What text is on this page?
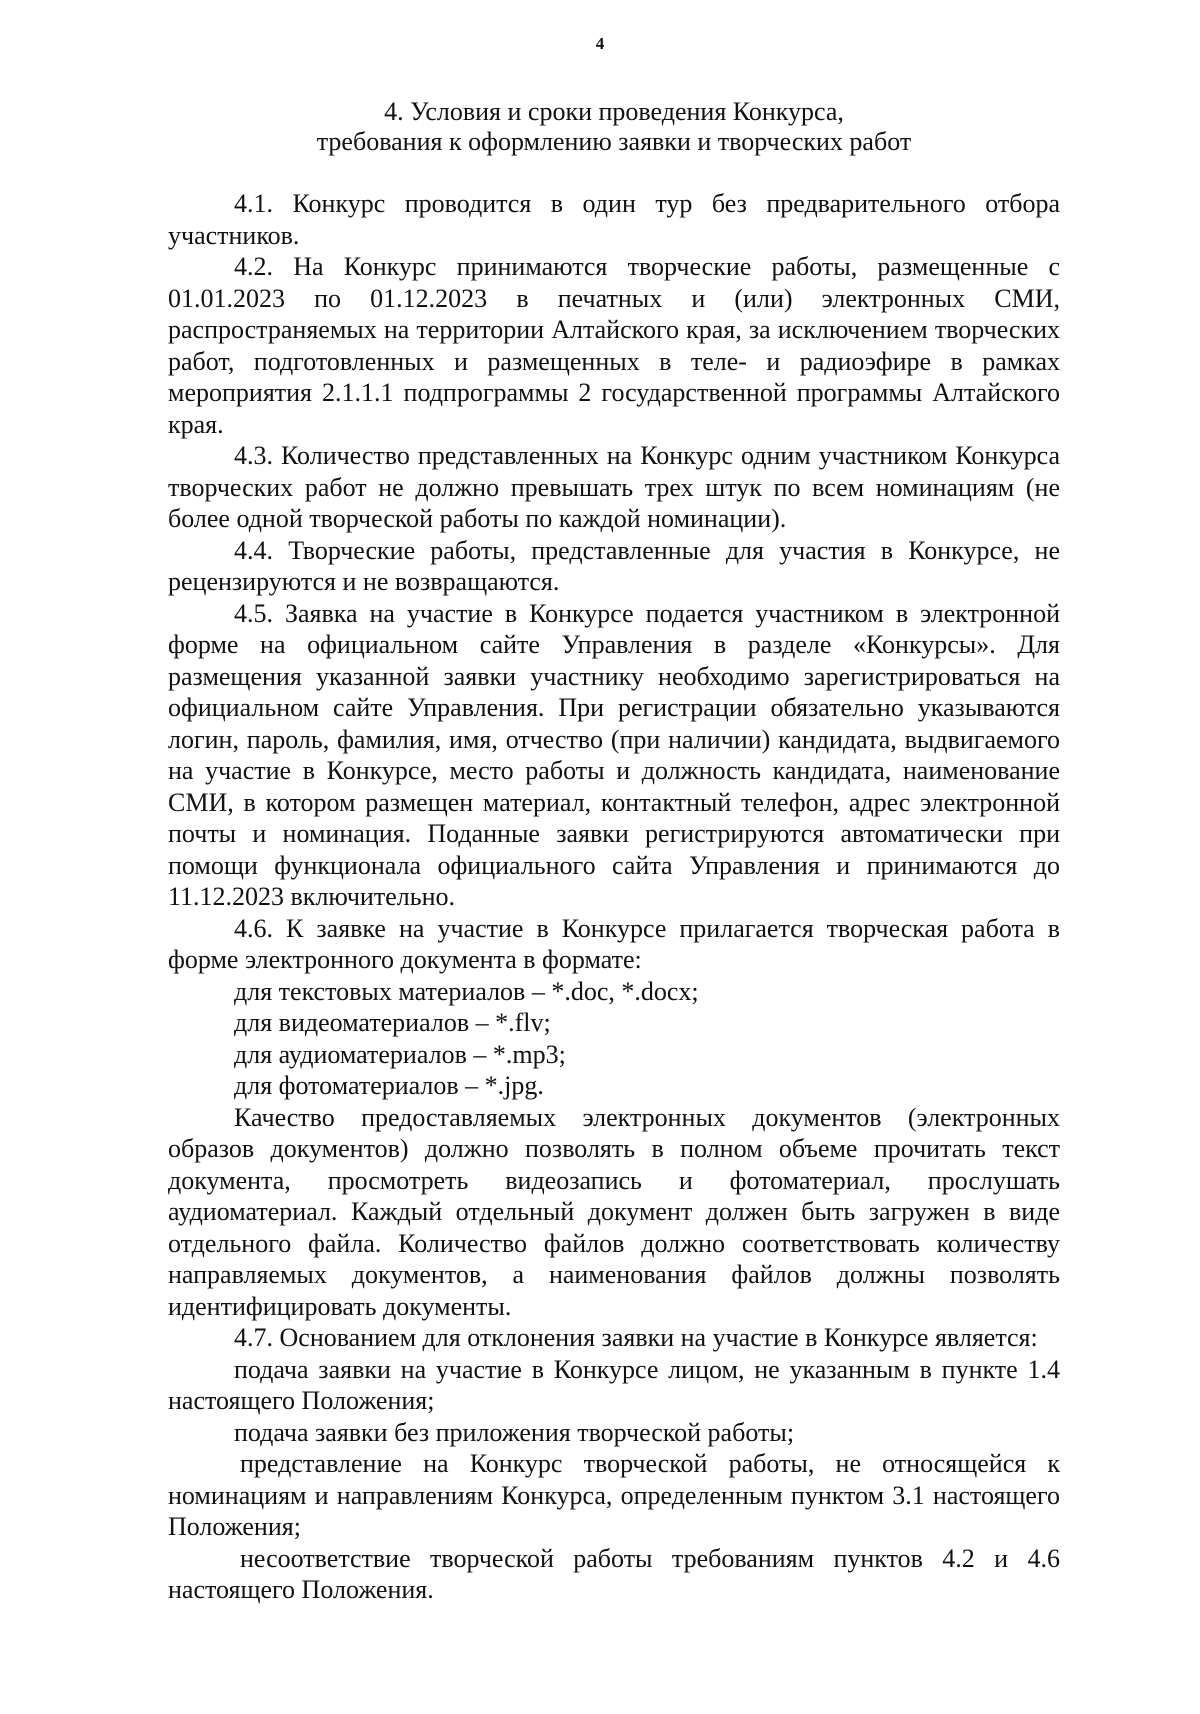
4
4. Условия и сроки проведения Конкурса,
требования к оформлению заявки и творческих работ

4.1. Конкурс проводится в один тур без предварительного отбора участников.

4.2. На Конкурс принимаются творческие работы, размещенные с 01.01.2023 по 01.12.2023 в печатных и (или) электронных СМИ, распространяемых на территории Алтайского края, за исключением творческих работ, подготовленных и размещенных в теле- и радиоэфире в рамках мероприятия 2.1.1.1 подпрограммы 2 государственной программы Алтайского края.

4.3. Количество представленных на Конкурс одним участником Конкурса творческих работ не должно превышать трех штук по всем номинациям (не более одной творческой работы по каждой номинации).

4.4. Творческие работы, представленные для участия в Конкурсе, не рецензируются и не возвращаются.

4.5. Заявка на участие в Конкурсе подается участником в электронной форме на официальном сайте Управления в разделе «Конкурсы». Для размещения указанной заявки участнику необходимо зарегистрироваться на официальном сайте Управления. При регистрации обязательно указываются логин, пароль, фамилия, имя, отчество (при наличии) кандидата, выдвигаемого на участие в Конкурсе, место работы и должность кандидата, наименование СМИ, в котором размещен материал, контактный телефон, адрес электронной почты и номинация. Поданные заявки регистрируются автоматически при помощи функционала официального сайта Управления и принимаются до 11.12.2023 включительно.

4.6. К заявке на участие в Конкурсе прилагается творческая работа в форме электронного документа в формате:

для текстовых материалов – *.doc, *.docx;

для видеоматериалов – *.flv;

для аудиоматериалов – *.mp3;

для фотоматериалов – *.jpg.

Качество предоставляемых электронных документов (электронных образов документов) должно позволять в полном объеме прочитать текст документа, просмотреть видеозапись и фотоматериал, прослушать аудиоматериал. Каждый отдельный документ должен быть загружен в виде отдельного файла. Количество файлов должно соответствовать количеству направляемых документов, а наименования файлов должны позволять идентифицировать документы.

4.7. Основанием для отклонения заявки на участие в Конкурсе является:

подача заявки на участие в Конкурсе лицом, не указанным в пункте 1.4 настоящего Положения;

подача заявки без приложения творческой работы;

представление на Конкурс творческой работы, не относящейся к номинациям и направлениям Конкурса, определенным пунктом 3.1 настоящего Положения;

несоответствие творческой работы требованиям пунктов 4.2 и 4.6 настоящего Положения.
